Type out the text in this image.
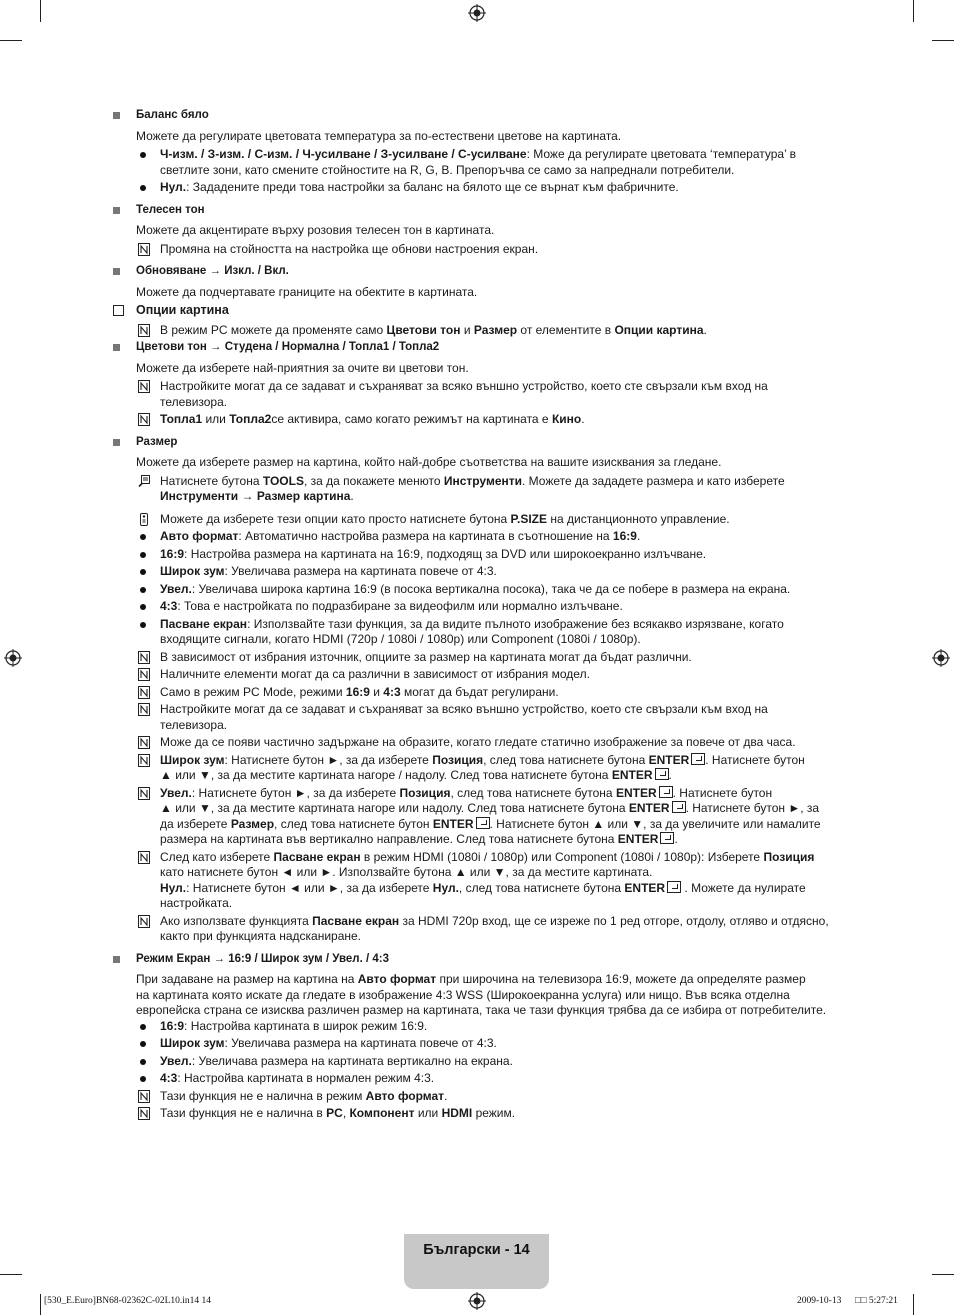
Баланс бяло
Можете да регулирате цветовата температура за по-естествени цветове на картината.
Ч-изм. / З-изм. / С-изм. / Ч-усилване / З-усилване / С-усилване: Може да регулирате цветовата ‘температура’ в
светлите зони, като смените стойностите на R, G, B. Препоръчва се само за напреднали потребители.
Нул.: Зададените преди това настройки за баланс на бялото ще се върнат към фабричните.
Телесен тон
Можете да акцентирате върху розовия телесен тон в картината.
Промяна на стойността на настройка ще обнови настроения екран.
Обновяване → Изкл. / Вкл.
Можете да подчертавате границите на обектите в картината.
Опции картина
В режим PC можете да променяте само Цветови тон и Размер от елементите в Опции картина.
Цветови тон → Студена / Нормална / Топла1 / Топла2
Можете да изберете най-приятния за очите ви цветови тон.
Настройките могат да се задават и съхраняват за всяко външно устройство, което сте свързали към вход на
телевизора.
Топла1 или Топла2се активира, само когато режимът на картината е Кино.
Размер
Можете да изберете размер на картина, който най-добре съответства на вашите изисквания за гледане.
Натиснете бутона TOOLS, за да покажете менюто Инструменти. Можете да зададете размера и като изберете
Инструменти → Размер картина.
Можете да изберете тези опции като просто натиснете бутона P.SIZE на дистанционното управление.
Авто формат: Автоматично настройва размера на картината в съотношение на 16:9.
16:9: Настройва размера на картината на 16:9, подходящ за DVD или широкоекранно излъчване.
Широк зум: Увеличава размера на картината повече от 4:3.
Увел.: Увеличава широка картина 16:9 (в посока вертикална посока), така че да се побере в размера на екрана.
4:3: Това е настройката по подразбиране за видеофилм или нормално излъчване.
Пасване екран: Използвайте тази функция, за да видите пълното изображение без всякакво изрязване, когато
входящите сигнали, когато HDMI (720p / 1080i / 1080p) или Component (1080i / 1080p).
В зависимост от избрания източник, опциите за размер на картината могат да бъдат различни.
Наличните елементи могат да са различни в зависимост от избрания модел.
Само в режим PC Mode, режими 16:9 и 4:3 могат да бъдат регулирани.
Настройките могат да се задават и съхраняват за всяко външно устройство, което сте свързали към вход на
телевизора.
Може да се появи частично задържане на образите, когато гледате статично изображение за повече от два часа.
Широк зум: Натиснете бутон ►, за да изберете Позиция, след това натиснете бутона ENTER . Натиснете бутон
▲ или ▼, за да местите картината нагоре / надолу. След това натиснете бутона ENTER .
Увел.: Натиснете бутон ►, за да изберете Позиция, след това натиснете бутона ENTER . Натиснете бутон
▲ или ▼, за да местите картината нагоре или надолу. След това натиснете бутона ENTER . Натиснете бутон ►, за
да изберете Размер, след това натиснете бутон ENTER . Натиснете бутон ▲ или ▼, за да увеличите или намалите
размера на картината във вертикално направление. След това натиснете бутона ENTER .
След като изберете Пасване екран в режим HDMI (1080i / 1080p) или Component (1080i / 1080p): Изберете Позиция
като натиснете бутон ◄ или ►. Използвайте бутона ▲ или ▼, за да местите картината.
Нул.: Натиснете бутон ◄ или ►, за да изберете Нул., след това натиснете бутона ENTER . Можете да нулирате
настройката.
Ако използвате функцията Пасване екран за HDMI 720p вход, ще се изреже по 1 ред отгоре, отдолу, отляво и отдясно,
както при функцията надсканиране.
Режим Екран → 16:9 / Широк зум / Увел. / 4:3
При задаване на размер на картина на Авто формат при широчина на телевизора 16:9, можете да определяте размер
на картината която искате да гледате в изображение 4:3 WSS (Широкоекранна услуга) или нищо. Във всяка отделна
европейска страна се изисква различен размер на картината, така че тази функция трябва да се избира от потребителите.
16:9: Настройва картината в широк режим 16:9.
Широк зум: Увеличава размера на картината повече от 4:3.
Увел.: Увеличава размера на картината вертикално на екрана.
4:3: Настройва картината в нормален режим 4:3.
Тази функция не е налична в режим Авто формат.
Тази функция не е налична в PC, Компонент или HDMI режим.
Български - 14
[530_E.Euro]BN68-02362C-02L10.in14 14	2009-10-13 □□ 5:27:21
